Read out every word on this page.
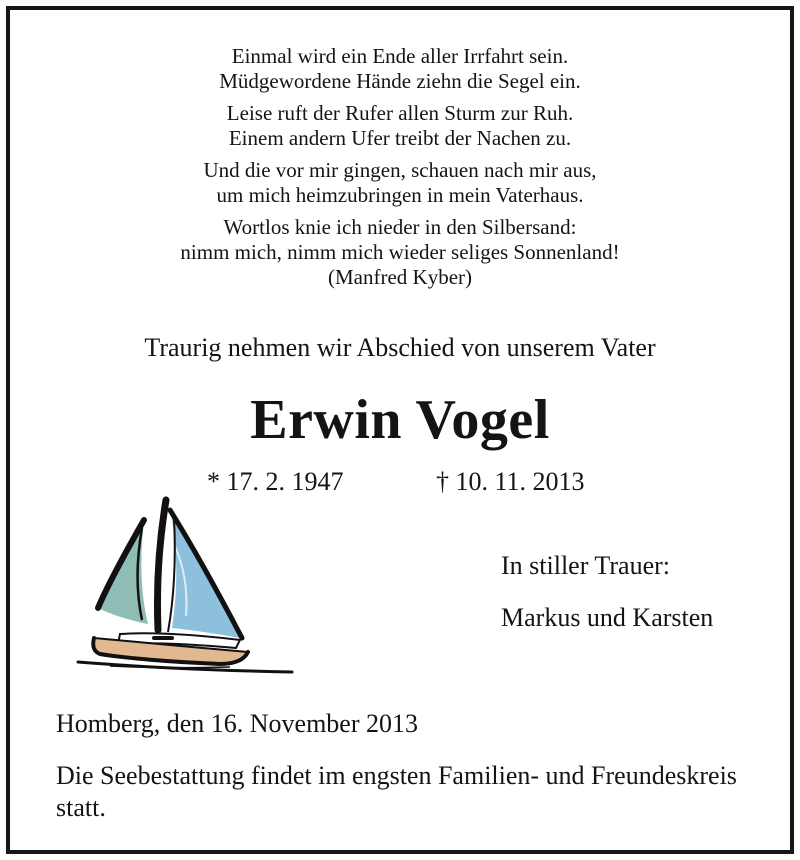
Einmal wird ein Ende aller Irrfahrt sein.
Müdgewordene Hände ziehn die Segel ein.
Leise ruft der Rufer allen Sturm zur Ruh.
Einem andern Ufer treibt der Nachen zu.
Und die vor mir gingen, schauen nach mir aus,
um mich heimzubringen in mein Vaterhaus.
Wortlos knie ich nieder in den Silbersand:
nimm mich, nimm mich wieder seliges Sonnenland!
(Manfred Kyber)
Traurig nehmen wir Abschied von unserem Vater
Erwin Vogel
* 17. 2. 1947	† 10. 11. 2013
In stiller Trauer:
Markus und Karsten
Homberg, den 16. November 2013
Die Seebestattung findet im engsten Familien- und Freundeskreis statt.
